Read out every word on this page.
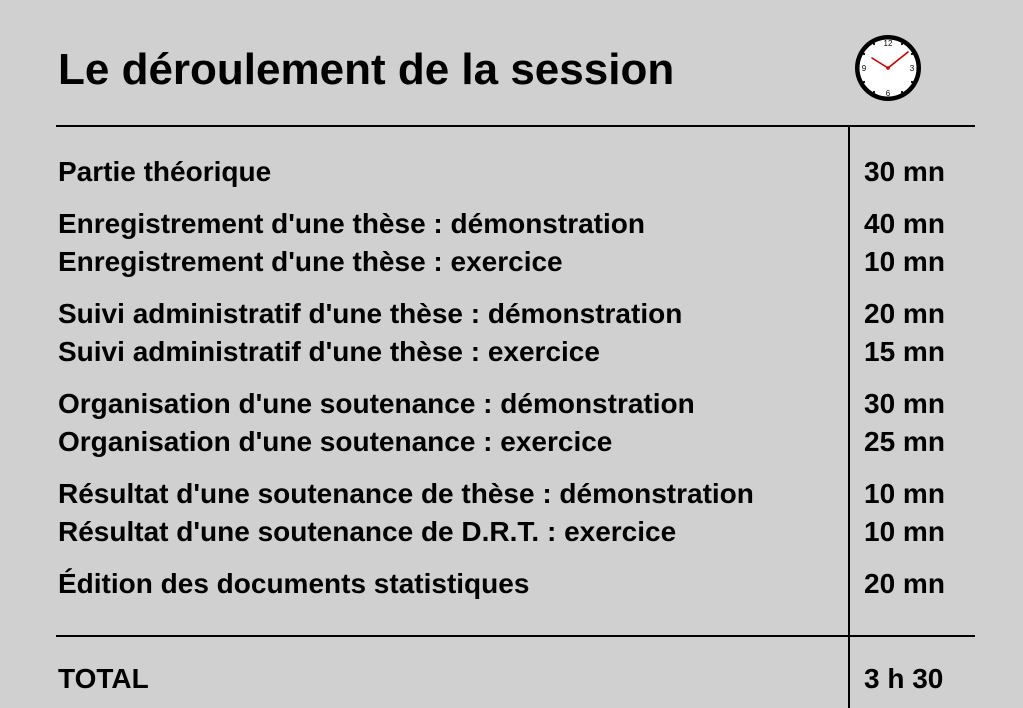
Le déroulement de la session
12
3
6
9
Partie théorique	30 mn
Enregistrement d'une thèse : démonstration	40 mn
Enregistrement d'une thèse : exercice	10 mn
Suivi administratif d'une thèse : démonstration	20 mn
Suivi administratif d'une thèse : exercice	15 mn
Organisation d'une soutenance : démonstration	30 mn
Organisation d'une soutenance : exercice	25 mn
Résultat d'une soutenance de thèse : démonstration	10 mn
Résultat d'une soutenance de D.R.T. : exercice	10 mn
Édition des documents statistiques	20 mn
TOTAL	3 h 30
